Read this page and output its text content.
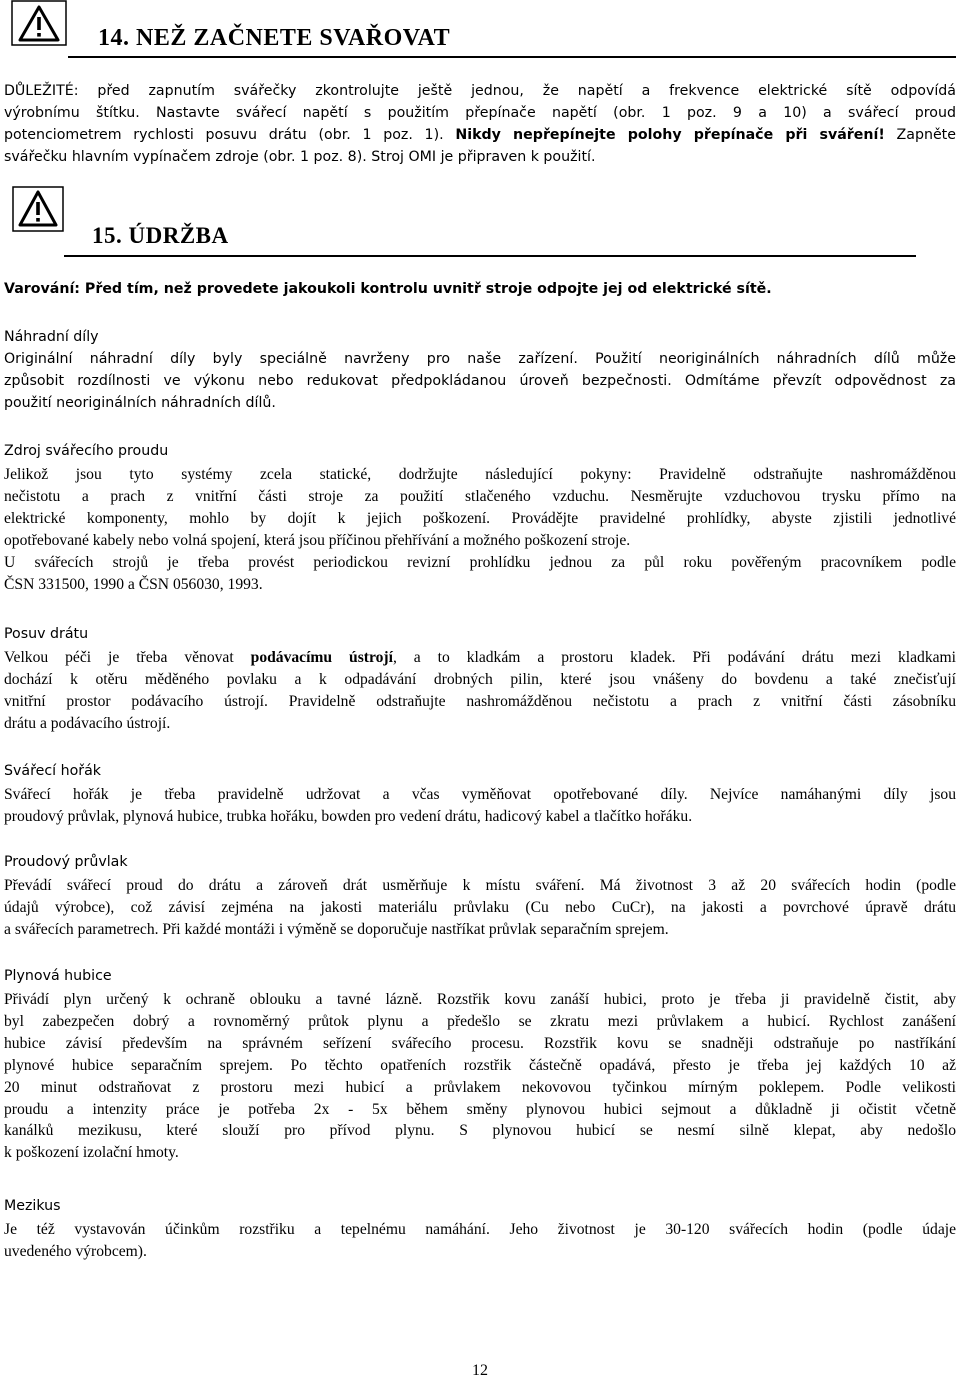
14. NEŽ ZAČNETE SVAŘOVAT
DŮLEŽITÉ: před zapnutím svářečky zkontrolujte ještě jednou, že napětí a frekvence elektrické sítě odpovídá
výrobnímu štítku. Nastavte svářecí napětí s použitím přepínače napětí (obr. 1 poz. 9 a 10) a svářecí proud
potenciometrem rychlosti posuvu drátu (obr. 1 poz. 1). Nikdy nepřepínejte polohy přepínače při sváření! Zapněte
svářečku hlavním vypínačem zdroje (obr. 1 poz. 8). Stroj OMI je připraven k použití.
15. ÚDRŽBA
Varování: Před tím, než provedete jakoukoli kontrolu uvnitř stroje odpojte jej od elektrické sítě.
Náhradní díly
Originální náhradní díly byly speciálně navrženy pro naše zařízení. Použití neoriginálních náhradních dílů může
způsobit rozdílnosti ve výkonu nebo redukovat předpokládanou úroveň bezpečnosti. Odmítáme převzít odpovědnost za
použití neoriginálních náhradních dílů.
Zdroj svářecího proudu
Jelikož jsou tyto systémy zcela statické, dodržujte následující pokyny: Pravidelně odstraňujte nashromážděnou
nečistotu a prach z vnitřní části stroje za použití stlačeného vzduchu. Nesměrujte vzduchovou trysku přímo na
elektrické komponenty, mohlo by dojít k jejich poškození. Provádějte pravidelné prohlídky, abyste zjistili jednotlivé
opotřebované kabely nebo volná spojení, která jsou příčinou přehřívání a možného poškození stroje.
U svářecích strojů je třeba provést periodickou revizní prohlídku jednou za půl roku pověřeným pracovníkem podle
ČSN 331500, 1990 a ČSN 056030, 1993.
Posuv drátu
Velkou péči je třeba věnovat podávacímu ústrojí, a to kladkám a prostoru kladek. Při podávání drátu mezi kladkami
dochází k otěru měděného povlaku a k odpadávání drobných pilin, které jsou vnášeny do bovdenu a také znečisťují
vnitřní prostor podávacího ústrojí. Pravidelně odstraňujte nashromážděnou nečistotu a prach z vnitřní části zásobníku
drátu a podávacího ústrojí.
Svářecí hořák
Svářecí hořák je třeba pravidelně udržovat a včas vyměňovat opotřebované díly. Nejvíce namáhanými díly jsou
proudový průvlak, plynová hubice, trubka hořáku, bowden pro vedení drátu, hadicový kabel a tlačítko hořáku.
Proudový průvlak
Převádí svářecí proud do drátu a zároveň drát usměrňuje k místu sváření. Má životnost 3 až 20 svářecích hodin (podle
údajů výrobce), což závisí zejména na jakosti materiálu průvlaku (Cu nebo CuCr), na jakosti a povrchové úpravě drátu
a svářecích parametrech. Při každé montáži i výměně se doporučuje nastříkat průvlak separačním sprejem.
Plynová hubice
Přivádí plyn určený k ochraně oblouku a tavné lázně. Rozstřik kovu zanáší hubici, proto je třeba ji pravidelně čistit, aby
byl zabezpečen dobrý a rovnoměrný průtok plynu a předešlo se zkratu mezi průvlakem a hubicí. Rychlost zanášení
hubice závisí především na správném seřízení svářecího procesu. Rozstřik kovu se snadněji odstraňuje po nastříkání
plynové hubice separačním sprejem. Po těchto opatřeních rozstřik částečně opadává, přesto je třeba jej každých 10 až
20 minut odstraňovat z prostoru mezi hubicí a průvlakem nekovovou tyčinkou mírným poklepem. Podle velikosti
proudu a intenzity práce je potřeba 2x - 5x během směny plynovou hubici sejmout a důkladně ji očistit včetně
kanálků mezikusu, které slouží pro přívod plynu. S plynovou hubicí se nesmí silně klepat, aby nedošlo
k poškození izolační hmoty.
Mezikus
Je též vystavován účinkům rozstřiku a tepelnému namáhání. Jeho životnost je 30-120 svářecích hodin (podle údaje
uvedeného výrobcem).
12
